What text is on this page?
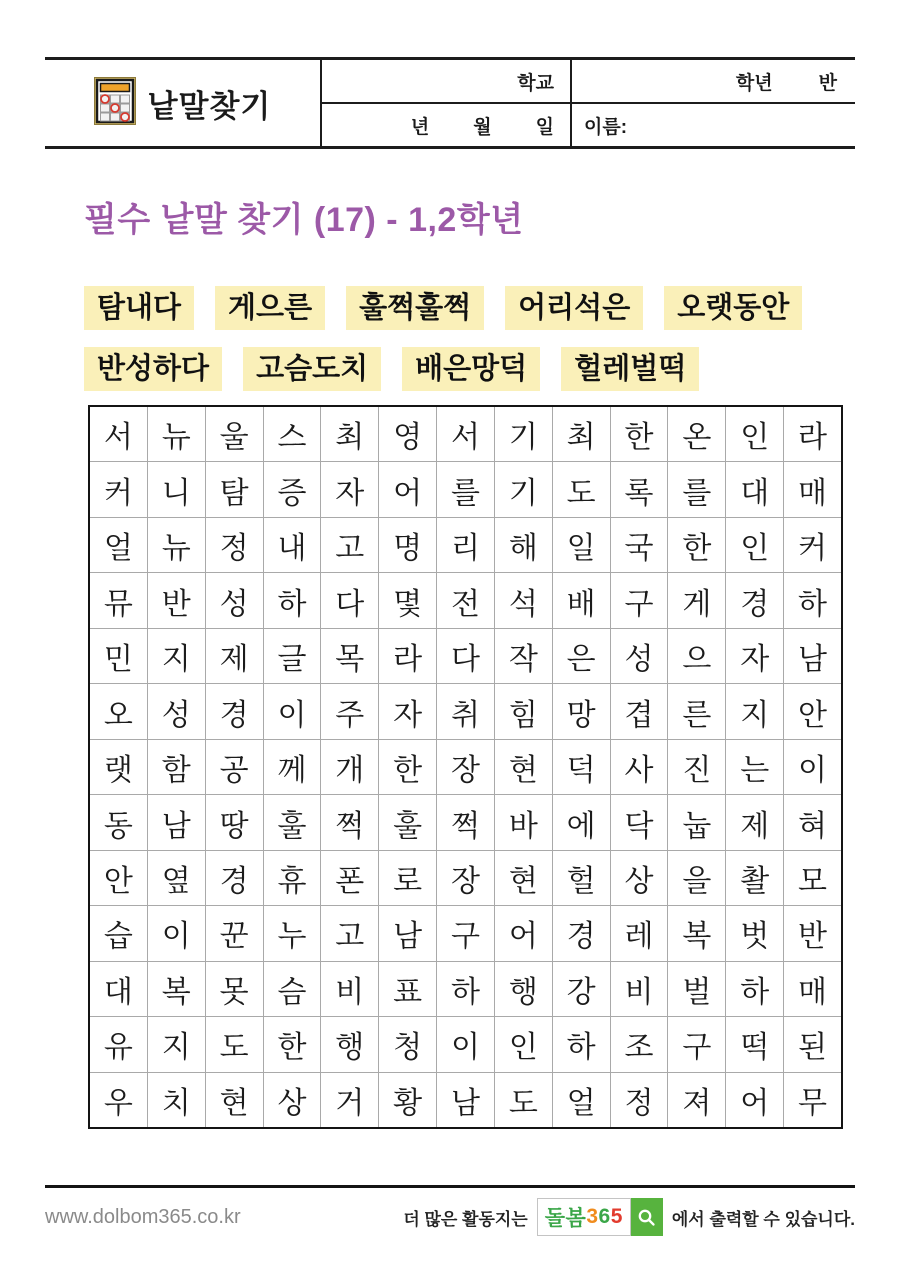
낱말찾기
학교	학년 반
년 월 일 이름:
필수 낱말 찾기 (17) - 1,2학년
탐내다	게으른	훌쩍훌쩍	어리석은	오랫동안
반성하다	고슴도치	배은망덕	헐레벌떡
서 뉴 울 스 최 영 서 기 최 한 온 인 라
커 니 탐 증 자 어 를 기 도 록 를 대 매
얼 뉴 정 내 고 명 리 해 일 국 한 인 커
뮤 반 성 하 다 몇 전 석 배 구 게 경 하
민 지 제 글 목 라 다 작 은 성 으 자 남
오 성 경 이 주 자 취 힘 망 겹 른 지 안
랫 함 공 께 개 한 장 현 덕 사 진 는 이
동 남 땅 훌 쩍 훌 쩍 바 에 닥 눕 제 혀
안 옆 경 휴 폰 로 장 현 헐 상 을 촬 모
습 이 꾼 누 고 남 구 어 경 레 복 벗 반
대 복 못 슴 비 표 하 행 강 비 벌 하 매
유 지 도 한 행 청 이 인 하 조 구 떡 된
우 치 현 상 거 황 남 도 얼 정 져 어 무
www.dolbom365.co.kr	더 많은 활동지는 돌봄 3 6 5	에서 출력할 수 있습니다.
